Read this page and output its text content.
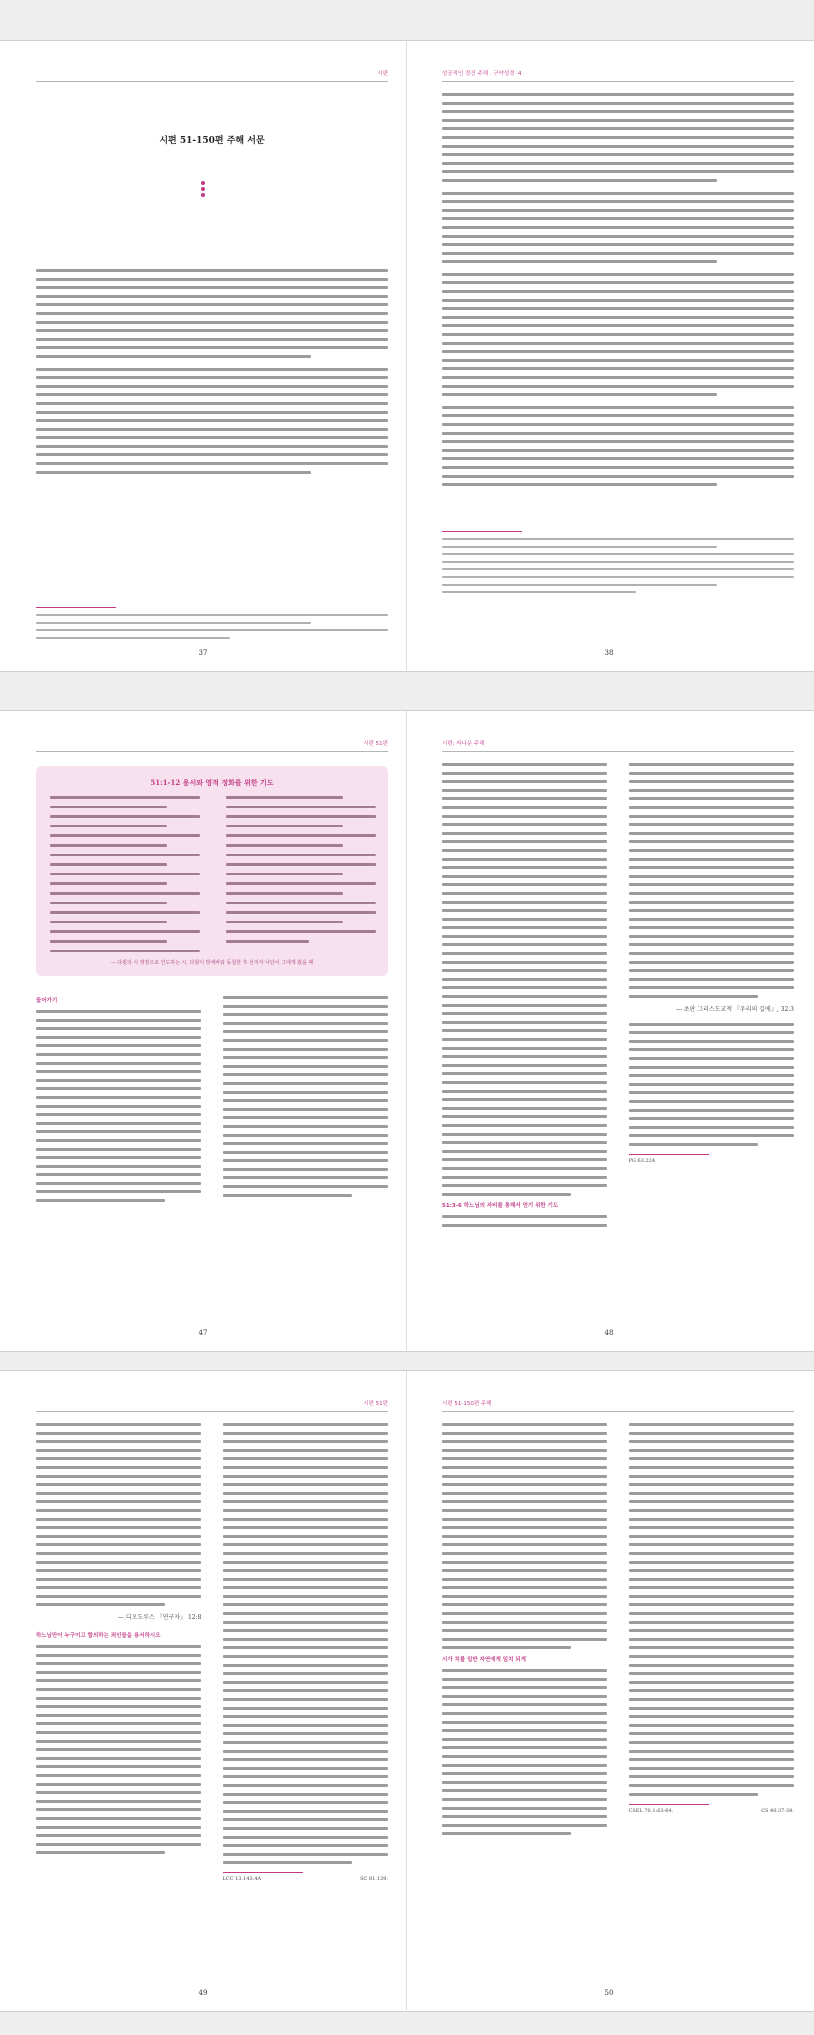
시편
시편 51-150편 주해 서문
37
성공적인 경건 주해 · 구약성경 ·4
38
시편 51편
51:1-12 용서와 영적 정화를 위한 기도
— 다윗의 시 영장으로 인도하는 시, 다윗이 밧세바와 동침한 후 선지자 나단이 그에게 왔을 때
들어가기
47
시편: 싸나운 주해
51:3-6 하느님의 자비를 통해서 얻기 위한 기도
— 초판 그리스도교적 『우리의 길에』, 32.3
PG 63.224.
48
시편 51편
— 디오도루스 『연구자』 12:8
하느님만이 누구이고 합의하는 죄인들을 용서하시오
LCC 13.143.4A	SC 81.139.
49
시편 51-150편 주해
시가 치를 일반 자연에게 일치 되게
CSEL 70.1:63-64.	CS 40.37-38.
50
